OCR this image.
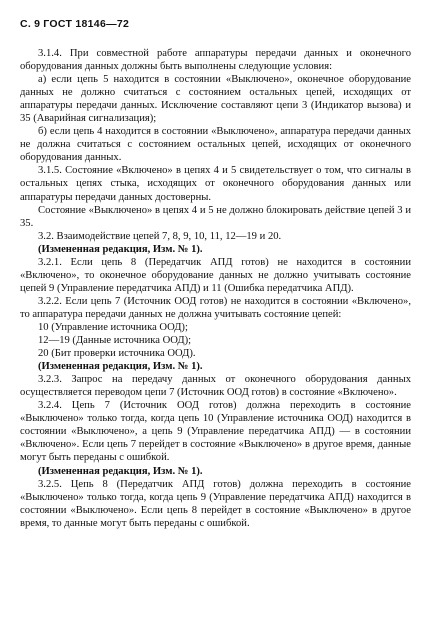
С. 9 ГОСТ 18146—72

3.1.4. При совместной работе аппаратуры передачи данных и оконечного оборудования данных должны быть выполнены следующие условия:

а) если цепь 5 находится в состоянии «Выключено», оконечное оборудование данных не должно считаться с состоянием остальных цепей, исходящих от аппаратуры передачи данных. Исключение составляют цепи 3 (Индикатор вызова) и 35 (Аварийная сигнализация);

б) если цепь 4 находится в состоянии «Выключено», аппаратура передачи данных не должна считаться с состоянием остальных цепей, исходящих от оконечного оборудования данных.

3.1.5. Состояние «Включено» в цепях 4 и 5 свидетельствует о том, что сигналы в остальных цепях стыка, исходящих от оконечного оборудования данных или аппаратуры передачи данных достоверны.

Состояние «Выключено» в цепях 4 и 5 не должно блокировать действие цепей 3 и 35.

3.2. Взаимодействие цепей 7, 8, 9, 10, 11, 12—19 и 20.

(Измененная редакция, Изм. № 1).

3.2.1. Если цепь 8 (Передатчик АПД готов) не находится в состоянии «Включено», то оконечное оборудование данных не должно учитывать состояние цепей 9 (Управление передатчика АПД) и 11 (Ошибка передатчика АПД).

3.2.2. Если цепь 7 (Источник ООД готов) не находится в состоянии «Включено», то аппаратура передачи данных не должна учитывать состояние цепей:

10 (Управление источника ООД);

12—19 (Данные источника ООД);

20 (Бит проверки источника ООД).

(Измененная редакция, Изм. № 1).

3.2.3. Запрос на передачу данных от оконечного оборудования данных осуществляется переводом цепи 7 (Источник ООД готов) в состояние «Включено».

3.2.4. Цепь 7 (Источник ООД готов) должна переходить в состояние «Выключено» только тогда, когда цепь 10 (Управление источника ООД) находится в состоянии «Выключено», а цепь 9 (Управление передатчика АПД) — в состоянии «Включено». Если цепь 7 перейдет в состояние «Выключено» в другое время, данные могут быть переданы с ошибкой.

(Измененная редакция, Изм. № 1).

3.2.5. Цепь 8 (Передатчик АПД готов) должна переходить в состояние «Выключено» только тогда, когда цепь 9 (Управление передатчика АПД) находится в состоянии «Выключено». Если цепь 8 перейдет в состояние «Выключено» в другое время, то данные могут быть переданы с ошибкой.
